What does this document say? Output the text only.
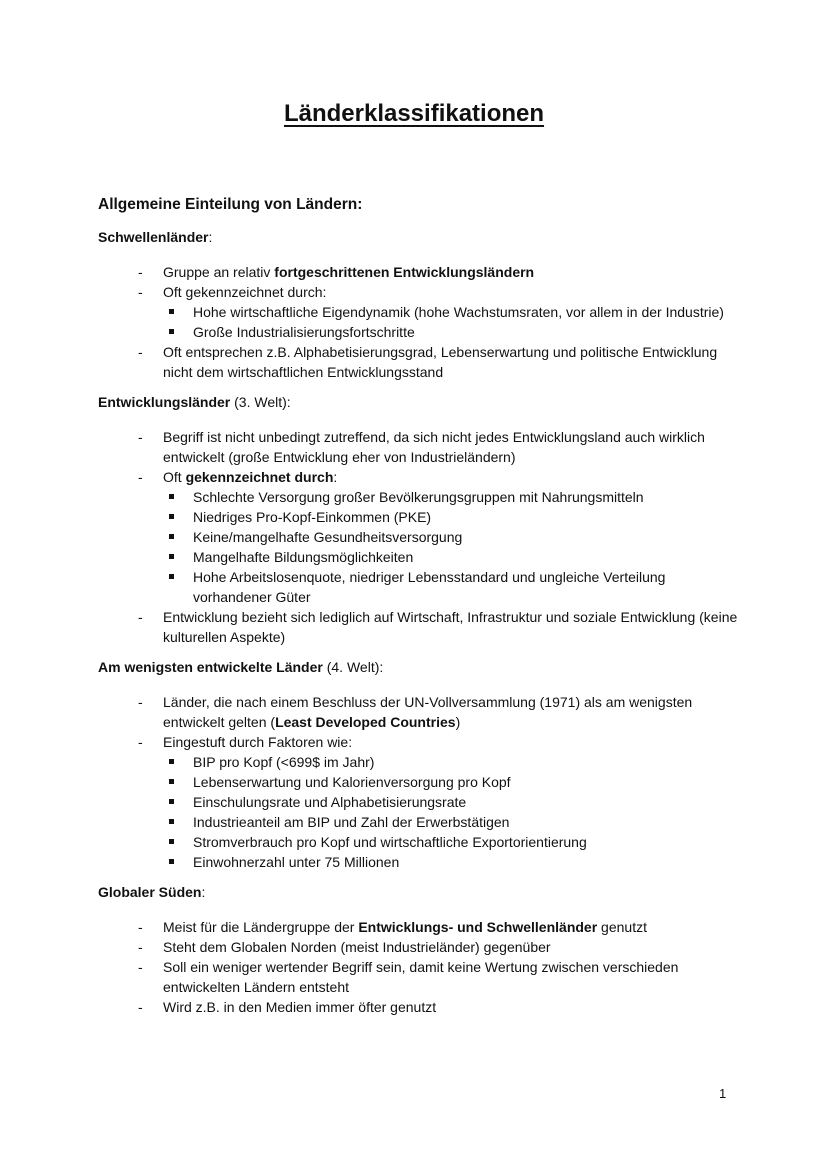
Länderklassifikationen

Allgemeine Einteilung von Ländern:

Schwellenländer:

- Gruppe an relativ fortgeschrittenen Entwicklungsländern
- Oft gekennzeichnet durch:
Hohe wirtschaftliche Eigendynamik (hohe Wachstumsraten, vor allem in der Industrie)
Große Industrialisierungsfortschritte
- Oft entsprechen z.B. Alphabetisierungsgrad, Lebenserwartung und politische Entwicklung nicht dem wirtschaftlichen Entwicklungsstand

Entwicklungsländer (3. Welt):

- Begriff ist nicht unbedingt zutreffend, da sich nicht jedes Entwicklungsland auch wirklich entwickelt (große Entwicklung eher von Industrieländern)
- Oft gekennzeichnet durch:
Schlechte Versorgung großer Bevölkerungsgruppen mit Nahrungsmitteln
Niedriges Pro-Kopf-Einkommen (PKE)
Keine/mangelhafte Gesundheitsversorgung
Mangelhafte Bildungsmöglichkeiten
Hohe Arbeitslosenquote, niedriger Lebensstandard und ungleiche Verteilung vorhandener Güter
- Entwicklung bezieht sich lediglich auf Wirtschaft, Infrastruktur und soziale Entwicklung (keine kulturellen Aspekte)

Am wenigsten entwickelte Länder (4. Welt):

- Länder, die nach einem Beschluss der UN-Vollversammlung (1971) als am wenigsten entwickelt gelten (Least Developed Countries)
- Eingestuft durch Faktoren wie:
BIP pro Kopf (<699$ im Jahr)
Lebenserwartung und Kalorienversorgung pro Kopf
Einschulungsrate und Alphabetisierungsrate
Industrieanteil am BIP und Zahl der Erwerbstätigen
Stromverbrauch pro Kopf und wirtschaftliche Exportorientierung
Einwohnerzahl unter 75 Millionen

Globaler Süden:

- Meist für die Ländergruppe der Entwicklungs- und Schwellenländer genutzt
- Steht dem Globalen Norden (meist Industrieländer) gegenüber
- Soll ein weniger wertender Begriff sein, damit keine Wertung zwischen verschieden entwickelten Ländern entsteht
- Wird z.B. in den Medien immer öfter genutzt
1
